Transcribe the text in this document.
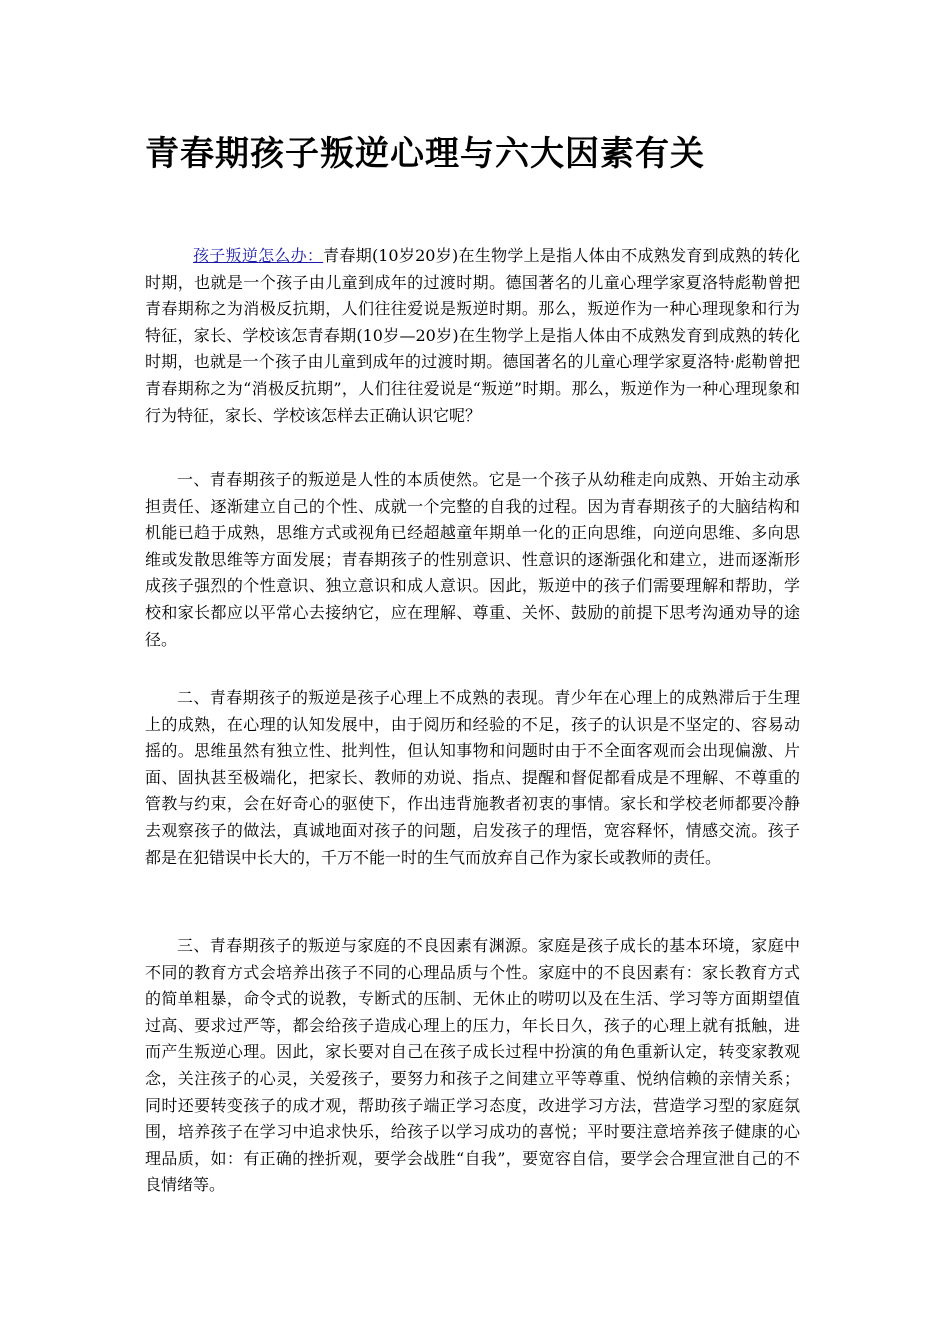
青春期孩子叛逆心理与六大因素有关

孩子叛逆怎么办：青春期(10岁20岁)在生物学上是指人体由不成熟发育到成熟的转化时期，也就是一个孩子由儿童到成年的过渡时期。德国著名的儿童心理学家夏洛特彪勒曾把青春期称之为消极反抗期，人们往往爱说是叛逆时期。那么，叛逆作为一种心理现象和行为特征，家长、学校该怎青春期(10岁—20岁)在生物学上是指人体由不成熟发育到成熟的转化时期，也就是一个孩子由儿童到成年的过渡时期。德国著名的儿童心理学家夏洛特·彪勒曾把青春期称之为“消极反抗期”，人们往往爱说是“叛逆”时期。那么，叛逆作为一种心理现象和行为特征，家长、学校该怎样去正确认识它呢？

一、青春期孩子的叛逆是人性的本质使然。它是一个孩子从幼稚走向成熟、开始主动承担责任、逐渐建立自己的个性、成就一个完整的自我的过程。因为青春期孩子的大脑结构和机能已趋于成熟，思维方式或视角已经超越童年期单一化的正向思维，向逆向思维、多向思维或发散思维等方面发展；青春期孩子的性别意识、性意识的逐渐强化和建立，进而逐渐形成孩子强烈的个性意识、独立意识和成人意识。因此，叛逆中的孩子们需要理解和帮助，学校和家长都应以平常心去接纳它，应在理解、尊重、关怀、鼓励的前提下思考沟通劝导的途径。

二、青春期孩子的叛逆是孩子心理上不成熟的表现。青少年在心理上的成熟滞后于生理上的成熟，在心理的认知发展中，由于阅历和经验的不足，孩子的认识是不坚定的、容易动摇的。思维虽然有独立性、批判性，但认知事物和问题时由于不全面客观而会出现偏激、片面、固执甚至极端化，把家长、教师的劝说、指点、提醒和督促都看成是不理解、不尊重的管教与约束，会在好奇心的驱使下，作出违背施教者初衷的事情。家长和学校老师都要冷静去观察孩子的做法，真诚地面对孩子的问题，启发孩子的理悟，宽容释怀，情感交流。孩子都是在犯错误中长大的，千万不能一时的生气而放弃自己作为家长或教师的责任。

三、青春期孩子的叛逆与家庭的不良因素有渊源。家庭是孩子成长的基本环境，家庭中不同的教育方式会培养出孩子不同的心理品质与个性。家庭中的不良因素有：家长教育方式的简单粗暴，命令式的说教，专断式的压制、无休止的唠叨以及在生活、学习等方面期望值过高、要求过严等，都会给孩子造成心理上的压力，年长日久，孩子的心理上就有抵触，进而产生叛逆心理。因此，家长要对自己在孩子成长过程中扮演的角色重新认定，转变家教观念，关注孩子的心灵，关爱孩子，要努力和孩子之间建立平等尊重、悦纳信赖的亲情关系；同时还要转变孩子的成才观，帮助孩子端正学习态度，改进学习方法，营造学习型的家庭氛围，培养孩子在学习中追求快乐，给孩子以学习成功的喜悦；平时要注意培养孩子健康的心理品质，如：有正确的挫折观，要学会战胜“自我”，要宽容自信，要学会合理宣泄自己的不良情绪等。
